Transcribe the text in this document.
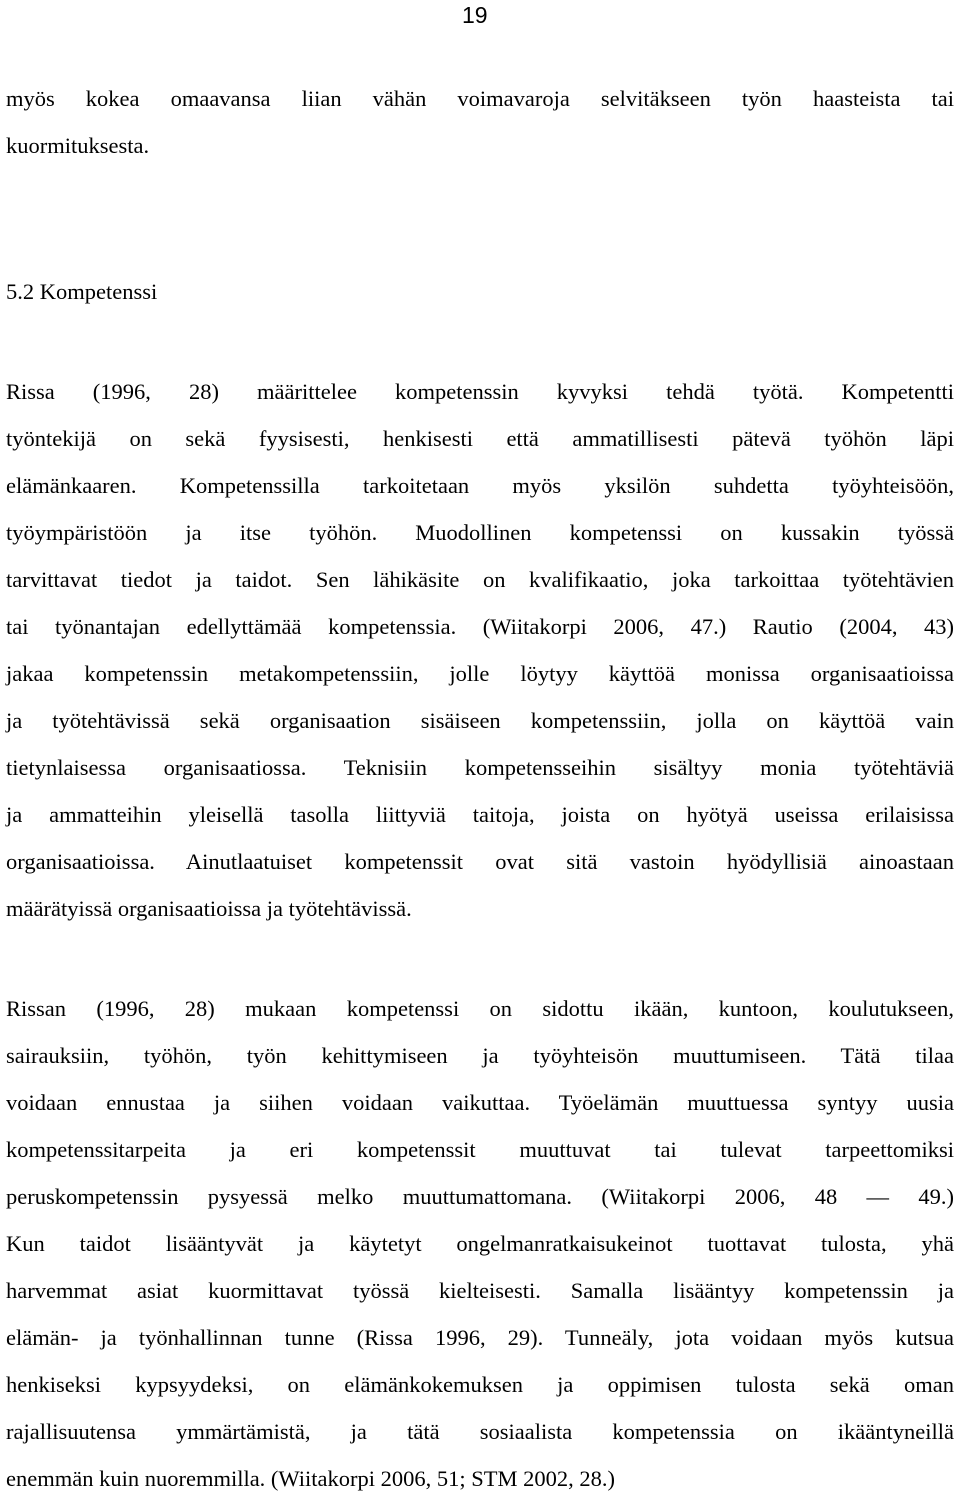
19
myös kokea omaavansa liian vähän voimavaroja selvitäkseen työn haasteista tai
kuormituksesta.
5.2 Kompetenssi
Rissa (1996, 28) määrittelee kompetenssin kyvyksi tehdä työtä. Kompetentti
työntekijä on sekä fyysisesti, henkisesti että ammatillisesti pätevä työhön läpi
elämänkaaren. Kompetenssilla tarkoitetaan myös yksilön suhdetta työyhteisöön,
työympäristöön ja itse työhön. Muodollinen kompetenssi on kussakin työssä
tarvittavat tiedot ja taidot. Sen lähikäsite on kvalifikaatio, joka tarkoittaa työtehtävien
tai työnantajan edellyttämää kompetenssia. (Wiitakorpi 2006, 47.) Rautio (2004, 43)
jakaa kompetenssin metakompetenssiin, jolle löytyy käyttöä monissa organisaatioissa
ja työtehtävissä sekä organisaation sisäiseen kompetenssiin, jolla on käyttöä vain
tietynlaisessa organisaatiossa. Teknisiin kompetensseihin sisältyy monia työtehtäviä
ja ammatteihin yleisellä tasolla liittyviä taitoja, joista on hyötyä useissa erilaisissa
organisaatioissa. Ainutlaatuiset kompetenssit ovat sitä vastoin hyödyllisiä ainoastaan
määrätyissä organisaatioissa ja työtehtävissä.
Rissan (1996, 28) mukaan kompetenssi on sidottu ikään, kuntoon, koulutukseen,
sairauksiin, työhön, työn kehittymiseen ja työyhteisön muuttumiseen. Tätä tilaa
voidaan ennustaa ja siihen voidaan vaikuttaa. Työelämän muuttuessa syntyy uusia
kompetenssitarpeita ja eri kompetenssit muuttuvat tai tulevat tarpeettomiksi
peruskompetenssin pysyessä melko muuttumattomana. (Wiitakorpi 2006, 48 — 49.)
Kun taidot lisääntyvät ja käytetyt ongelmanratkaisukeinot tuottavat tulosta, yhä
harvemmat asiat kuormittavat työssä kielteisesti. Samalla lisääntyy kompetenssin ja
elämän- ja työnhallinnan tunne (Rissa 1996, 29). Tunneäly, jota voidaan myös kutsua
henkiseksi kypsyydeksi, on elämänkokemuksen ja oppimisen tulosta sekä oman
rajallisuutensa ymmärtämistä, ja tätä sosiaalista kompetenssia on ikääntyneillä
enemmän kuin nuoremmilla. (Wiitakorpi 2006, 51; STM 2002, 28.)
